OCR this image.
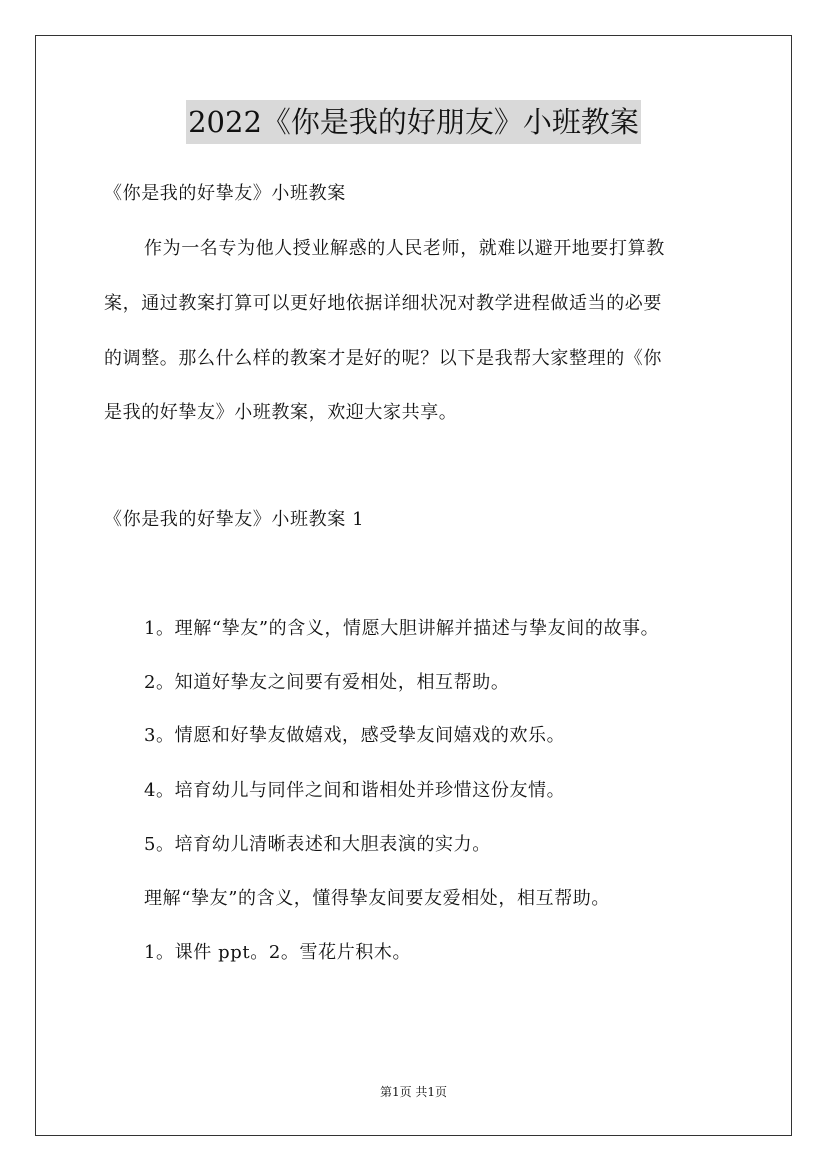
2022《你是我的好朋友》小班教案
《你是我的好挚友》小班教案
作为一名专为他人授业解惑的人民老师，就难以避开地要打算教
案，通过教案打算可以更好地依据详细状况对教学进程做适当的必要
的调整。那么什么样的教案才是好的呢？以下是我帮大家整理的《你
是我的好挚友》小班教案，欢迎大家共享。
《你是我的好挚友》小班教案 1
1。理解“挚友”的含义，情愿大胆讲解并描述与挚友间的故事。
2。知道好挚友之间要有爱相处，相互帮助。
3。情愿和好挚友做嬉戏，感受挚友间嬉戏的欢乐。
4。培育幼儿与同伴之间和谐相处并珍惜这份友情。
5。培育幼儿清晰表述和大胆表演的实力。
理解“挚友”的含义，懂得挚友间要友爱相处，相互帮助。
1。课件 ppt。2。雪花片积木。
第1页 共1页
